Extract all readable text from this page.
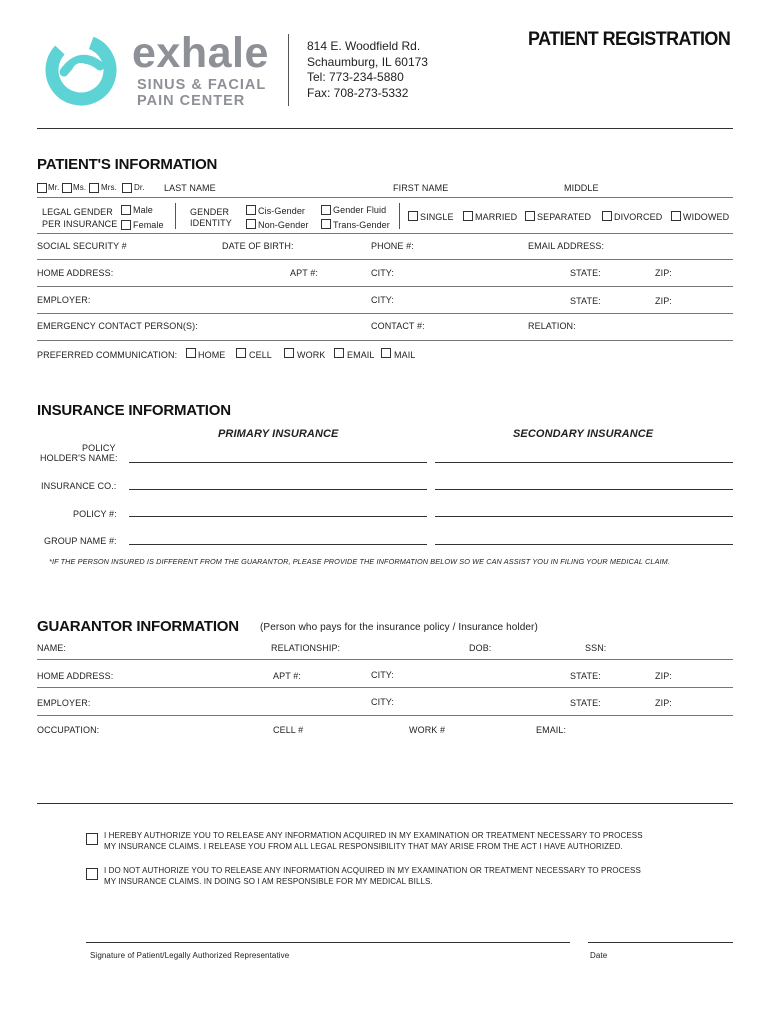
exhale
SINUS & FACIAL
PAIN CENTER
814 E. Woodfield Rd.
Schaumburg, IL 60173
Tel: 773-234-5880
Fax: 708-273-5332
PATIENT REGISTRATION
PATIENT'S INFORMATION
Mr. Ms. Mrs. Dr. LAST NAME	FIRST NAME	MIDDLE
LEGAL GENDER
PER INSURANCE
Male
Female
GENDER
IDENTITY
Cis-Gender
Non-Gender
Gender Fluid
Trans-Gender
SINGLE MARRIED SEPARATED	DIVORCED WIDOWED
SOCIAL SECURITY #	DATE OF BIRTH:	PHONE #:	EMAIL ADDRESS:
HOME ADDRESS:	APT #:	CITY:	STATE:	ZIP:
EMPLOYER:	CITY:	STATE:	ZIP:
EMERGENCY CONTACT PERSON(S):	CONTACT #:	RELATION:
PREFERRED COMMUNICATION: HOME	CELL	WORK EMAIL MAIL
INSURANCE INFORMATION
PRIMARY INSURANCE	SECONDARY INSURANCE
POLICY
HOLDER'S NAME:
INSURANCE CO.:
POLICY #:
GROUP NAME #:
*IF THE PERSON INSURED IS DIFFERENT FROM THE GUARANTOR, PLEASE PROVIDE THE INFORMATION BELOW SO WE CAN ASSIST YOU IN FILING YOUR MEDICAL CLAIM.
GUARANTOR INFORMATION (Person who pays for the insurance policy / Insurance holder)
NAME:	RELATIONSHIP:	DOB:	SSN:
HOME ADDRESS:	APT #:	CITY:	STATE:	ZIP:
EMPLOYER:	CITY:	STATE:	ZIP:
OCCUPATION:	CELL #	WORK #	EMAIL:
I HEREBY AUTHORIZE YOU TO RELEASE ANY INFORMATION ACQUIRED IN MY EXAMINATION OR TREATMENT NECESSARY TO PROCESS
MY INSURANCE CLAIMS. I RELEASE YOU FROM ALL LEGAL RESPONSIBILITY THAT MAY ARISE FROM THE ACT I HAVE AUTHORIZED.
I DO NOT AUTHORIZE YOU TO RELEASE ANY INFORMATION ACQUIRED IN MY EXAMINATION OR TREATMENT NECESSARY TO PROCESS
MY INSURANCE CLAIMS. IN DOING SO I AM RESPONSIBLE FOR MY MEDICAL BILLS.
Signature of Patient/Legally Authorized Representative	Date
